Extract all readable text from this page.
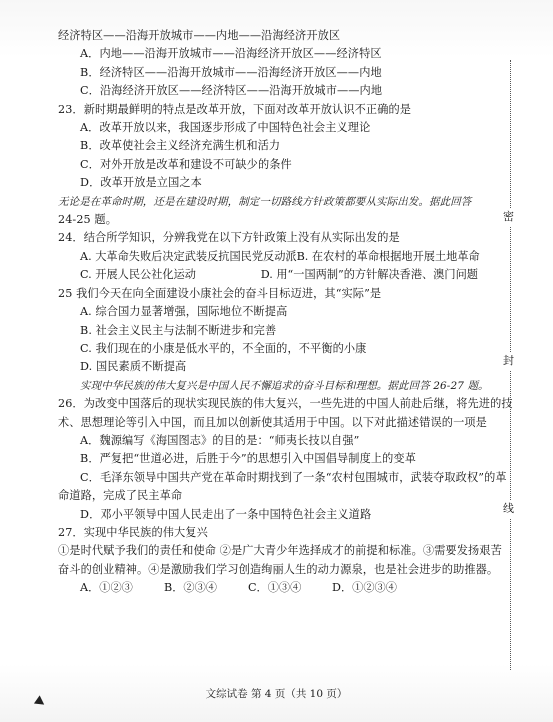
经济特区——沿海开放城市——内地——沿海经济开放区
A．内地——沿海开放城市——沿海经济开放区——经济特区
B．经济特区——沿海开放城市——沿海经济开放区——内地
C．沿海经济开放区——经济特区——沿海开放城市——内地
23．新时期最鲜明的特点是改革开放，下面对改革开放认识不正确的是
A．改革开放以来，我国逐步形成了中国特色社会主义理论
B．改革使社会主义经济充满生机和活力
C．对外开放是改革和建设不可缺少的条件
D．改革开放是立国之本
无论是在革命时期，还是在建设时期，制定一切路线方针政策都要从实际出发。据此回答
24-25 题。
24．结合所学知识，分辨我党在以下方针政策上没有从实际出发的是
A. 大革命失败后决定武装反抗国民党反动派 B. 在农村的革命根据地开展土地革命
C. 开展人民公社化运动	D. 用“一国两制”的方针解决香港、澳门问题
25 我们今天在向全面建设小康社会的奋斗目标迈进，其“实际”是
A. 综合国力显著增强，国际地位不断提高
B. 社会主义民主与法制不断进步和完善
C. 我们现在的小康是低水平的，不全面的，不平衡的小康
D. 国民素质不断提高
实现中华民族的伟大复兴是中国人民不懈追求的奋斗目标和理想。据此回答 26-27 题。
26．为改变中国落后的现状实现民族的伟大复兴，一些先进的中国人前赴后继，将先进的技
术、思想理论等引入中国，而且加以创新使其适用于中国。以下对此描述错误的一项是
A．魏源编写《海国图志》的目的是：“师夷长技以自强”
B．严复把“世道必进，后胜于今”的思想引入中国倡导制度上的变革
C．毛泽东领导中国共产党在革命时期找到了一条“农村包围城市，武装夺取政权”的革
命道路，完成了民主革命
D．邓小平领导中国人民走出了一条中国特色社会主义道路
27．实现中华民族的伟大复兴
①是时代赋予我们的责任和使命 ②是广大青少年选择成才的前提和标准。③需要发扬艰苦
奋斗的创业精神。④是激励我们学习创造绚丽人生的动力源泉，也是社会进步的助推器。
A．①②③	B．②③④	C．①③④	D．①②③④
密
封
线
文综试卷 第 4 页（共 10 页）
